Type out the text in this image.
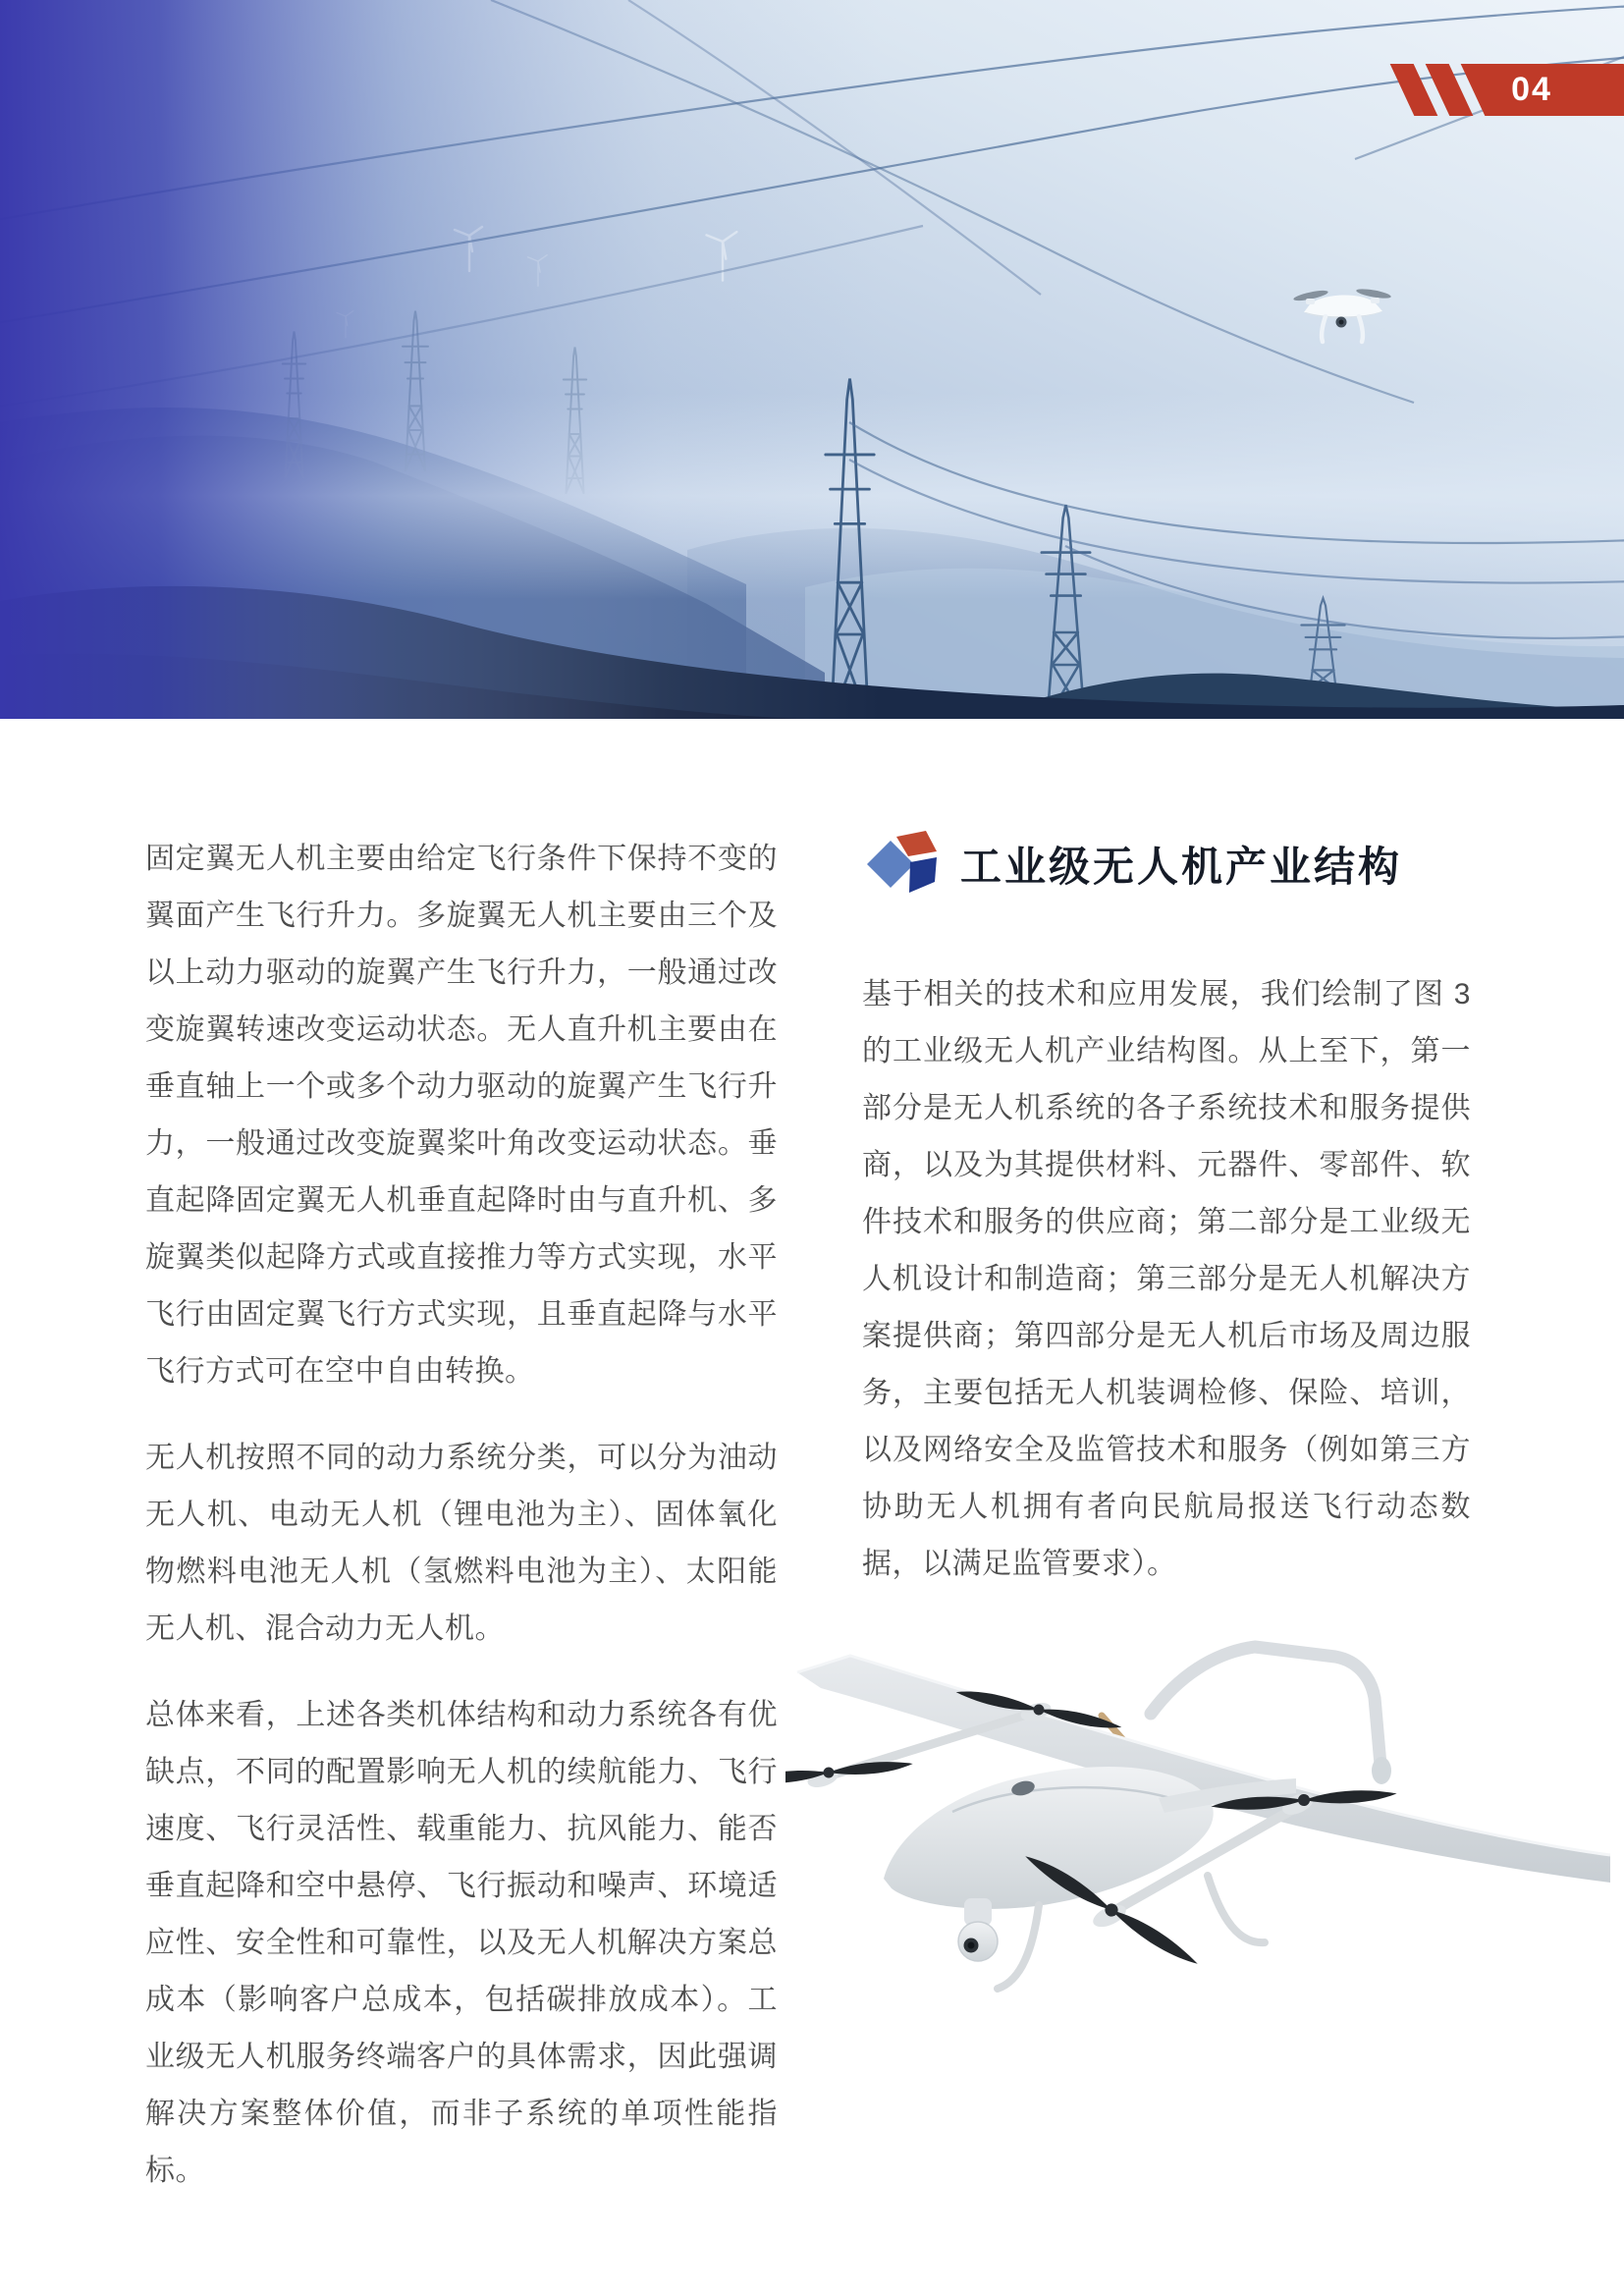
04

固定翼无人机主要由给定飞行条件下保持不变的翼面产生飞行升力。多旋翼无人机主要由三个及以上动力驱动的旋翼产生飞行升力，一般通过改变旋翼转速改变运动状态。无人直升机主要由在垂直轴上一个或多个动力驱动的旋翼产生飞行升力，一般通过改变旋翼桨叶角改变运动状态。垂直起降固定翼无人机垂直起降时由与直升机、多旋翼类似起降方式或直接推力等方式实现，水平飞行由固定翼飞行方式实现，且垂直起降与水平飞行方式可在空中自由转换。

无人机按照不同的动力系统分类，可以分为油动无人机、电动无人机（锂电池为主）、固体氧化物燃料电池无人机（氢燃料电池为主）、太阳能无人机、混合动力无人机。

总体来看，上述各类机体结构和动力系统各有优缺点，不同的配置影响无人机的续航能力、飞行速度、飞行灵活性、载重能力、抗风能力、能否垂直起降和空中悬停、飞行振动和噪声、环境适应性、安全性和可靠性，以及无人机解决方案总成本（影响客户总成本，包括碳排放成本）。工业级无人机服务终端客户的具体需求，因此强调解决方案整体价值，而非子系统的单项性能指标。

工业级无人机产业结构

基于相关的技术和应用发展，我们绘制了图 3 的工业级无人机产业结构图。从上至下，第一部分是无人机系统的各子系统技术和服务提供商，以及为其提供材料、元器件、零部件、软件技术和服务的供应商；第二部分是工业级无人机设计和制造商；第三部分是无人机解决方案提供商；第四部分是无人机后市场及周边服务，主要包括无人机装调检修、保险、培训，以及网络安全及监管技术和服务（例如第三方协助无人机拥有者向民航局报送飞行动态数据，以满足监管要求）。
